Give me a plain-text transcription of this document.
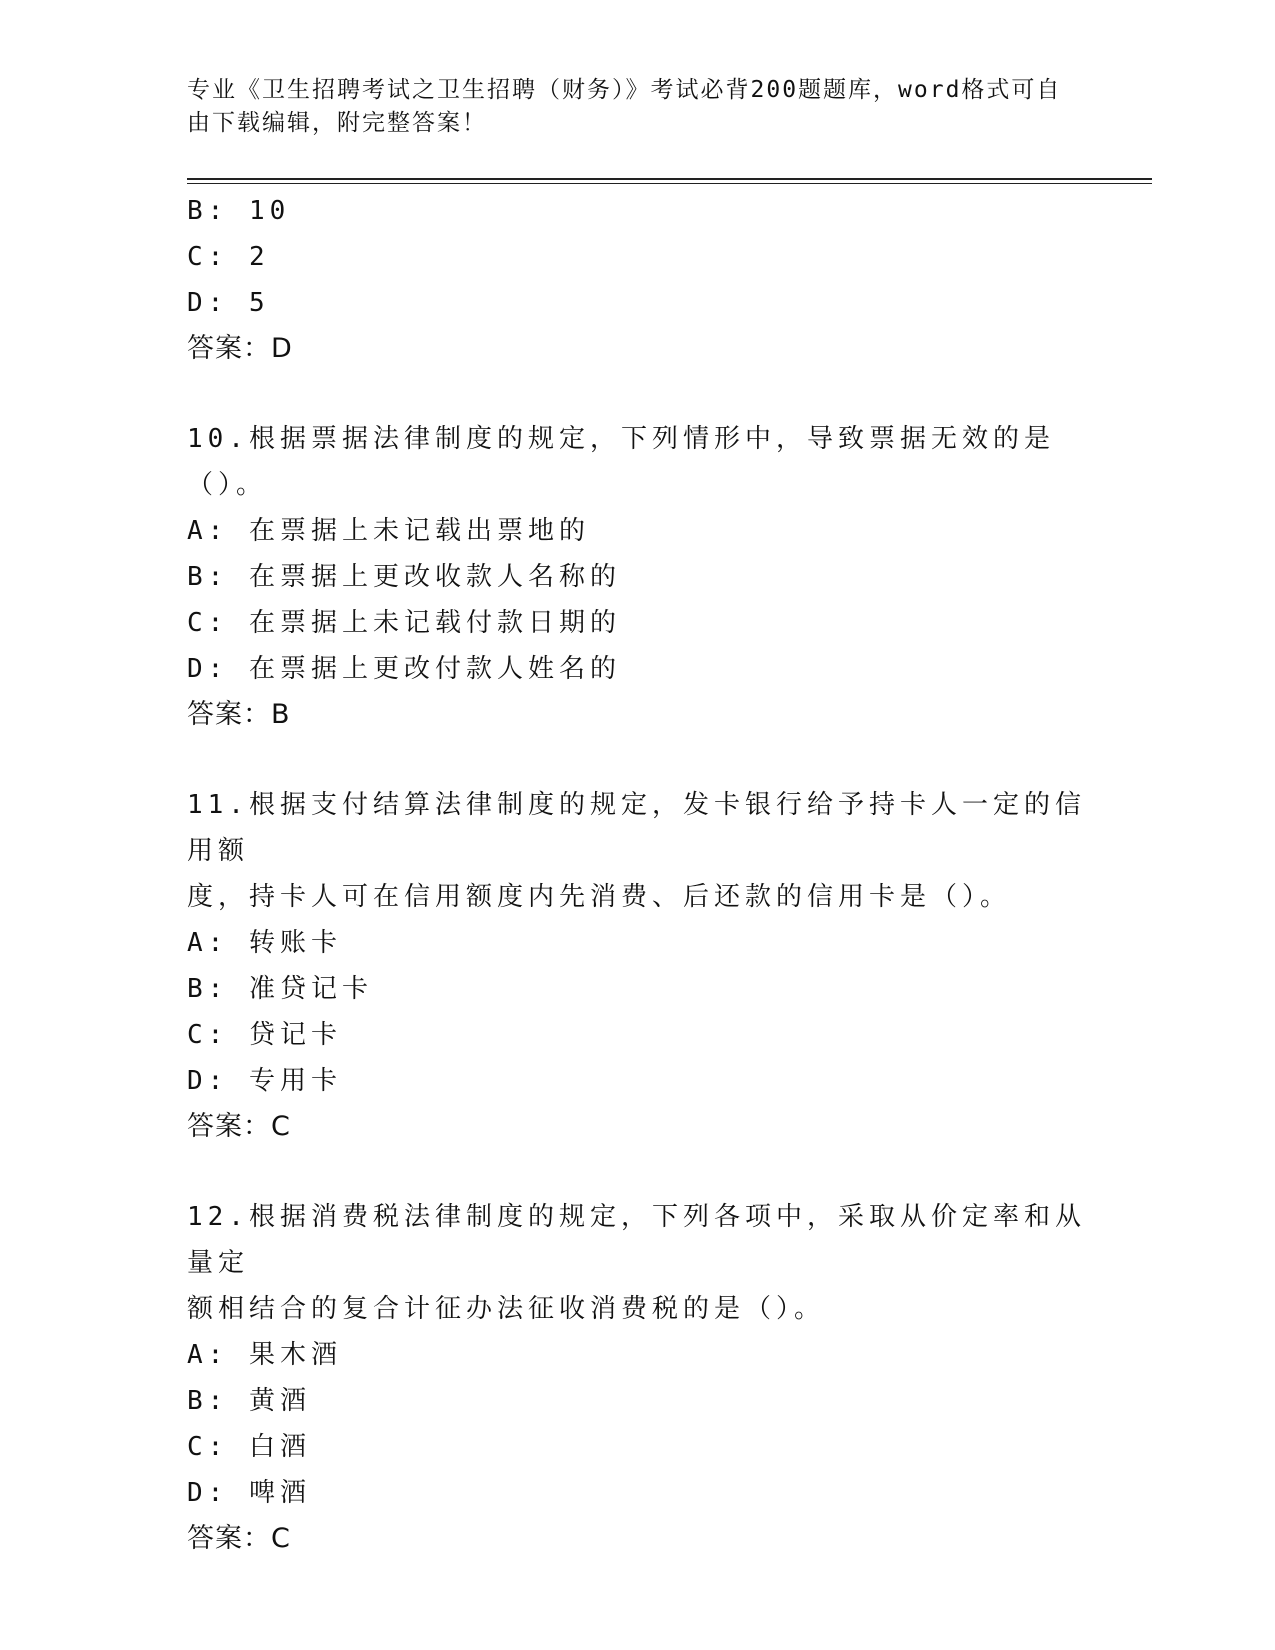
专业《卫生招聘考试之卫生招聘（财务）》考试必背200题题库，word格式可自由下载编辑，附完整答案！
B: 10
C: 2
D: 5
答案：D
10.根据票据法律制度的规定，下列情形中，导致票据无效的是（）。
A: 在票据上未记载出票地的
B: 在票据上更改收款人名称的
C: 在票据上未记载付款日期的
D: 在票据上更改付款人姓名的
答案：B
11.根据支付结算法律制度的规定，发卡银行给予持卡人一定的信用额
度，持卡人可在信用额度内先消费、后还款的信用卡是（）。
A: 转账卡
B: 准贷记卡
C: 贷记卡
D: 专用卡
答案：C
12.根据消费税法律制度的规定，下列各项中，采取从价定率和从量定
额相结合的复合计征办法征收消费税的是（）。
A: 果木酒
B: 黄酒
C: 白酒
D: 啤酒
答案：C
